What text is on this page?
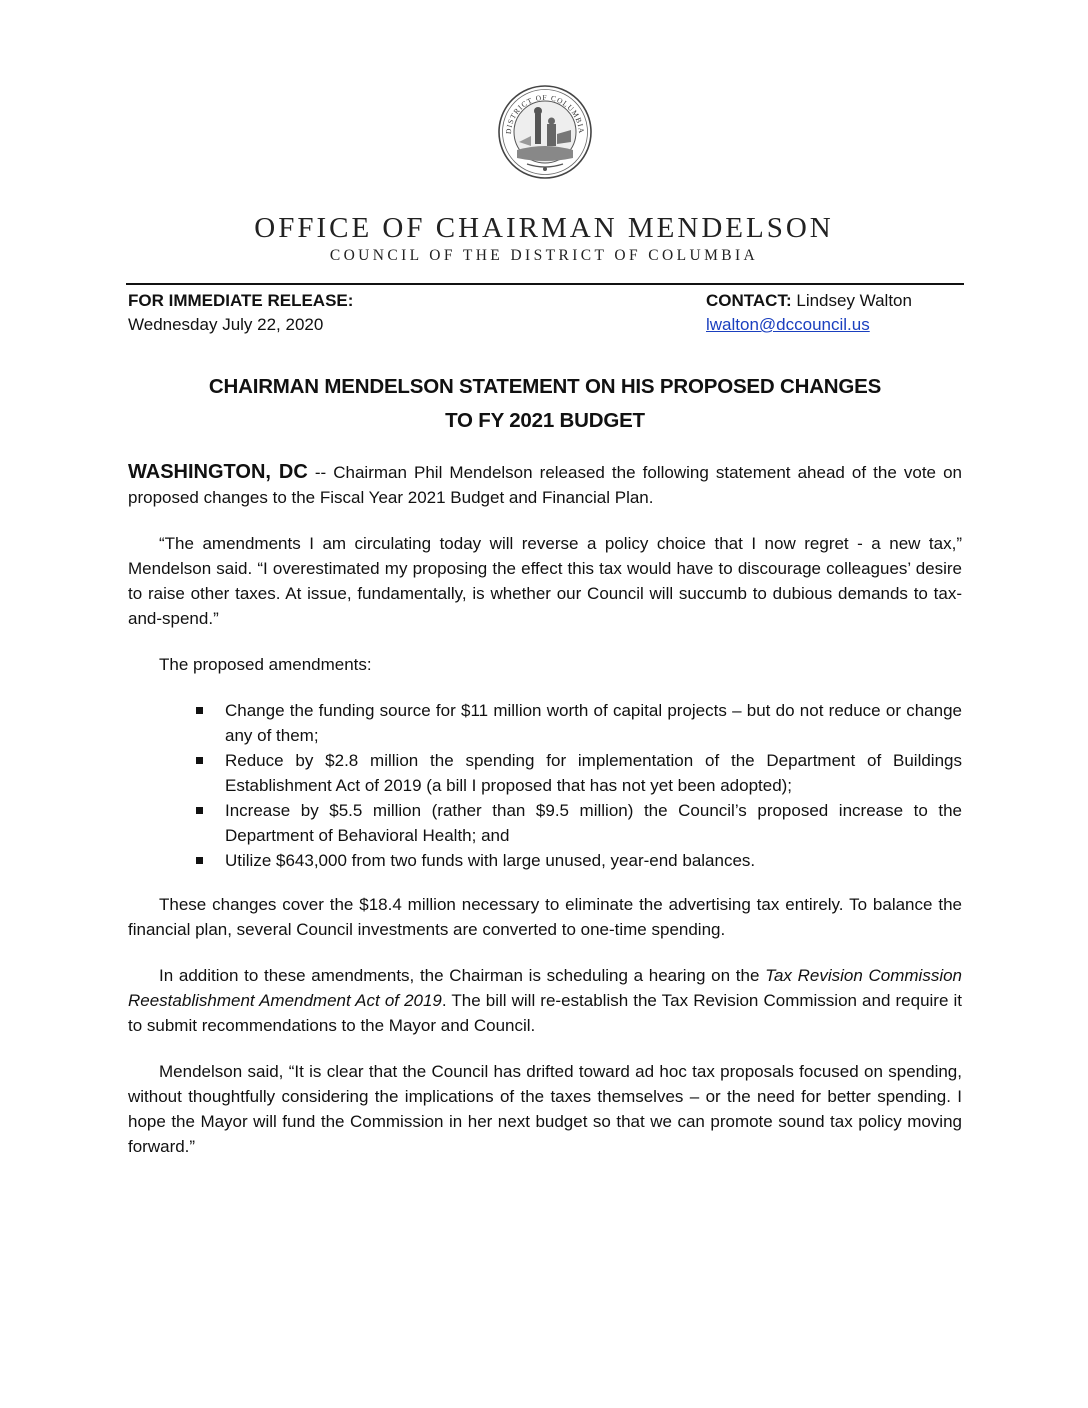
DISTRICT OF COLUMBIA
OFFICE OF CHAIRMAN MENDELSON
COUNCIL OF THE DISTRICT OF COLUMBIA
FOR IMMEDIATE RELEASE:
Wednesday July 22, 2020
CONTACT: Lindsey Walton
lwalton@dccouncil.us
CHAIRMAN MENDELSON STATEMENT ON HIS PROPOSED CHANGES
TO FY 2021 BUDGET

WASHINGTON, DC -- Chairman Phil Mendelson released the following statement ahead of the vote on proposed changes to the Fiscal Year 2021 Budget and Financial Plan.

“The amendments I am circulating today will reverse a policy choice that I now regret - a new tax,” Mendelson said. “I overestimated my proposing the effect this tax would have to discourage colleagues’ desire to raise other taxes. At issue, fundamentally, is whether our Council will succumb to dubious demands to tax-and-spend.”

The proposed amendments:

Change the funding source for $11 million worth of capital projects – but do not reduce or change any of them;
Reduce by $2.8 million the spending for implementation of the Department of Buildings Establishment Act of 2019 (a bill I proposed that has not yet been adopted);
Increase by $5.5 million (rather than $9.5 million) the Council’s proposed increase to the Department of Behavioral Health; and
Utilize $643,000 from two funds with large unused, year-end balances.

These changes cover the $18.4 million necessary to eliminate the advertising tax entirely. To balance the financial plan, several Council investments are converted to one-time spending.

In addition to these amendments, the Chairman is scheduling a hearing on the Tax Revision Commission Reestablishment Amendment Act of 2019. The bill will re-establish the Tax Revision Commission and require it to submit recommendations to the Mayor and Council.

Mendelson said, “It is clear that the Council has drifted toward ad hoc tax proposals focused on spending, without thoughtfully considering the implications of the taxes themselves – or the need for better spending. I hope the Mayor will fund the Commission in her next budget so that we can promote sound tax policy moving forward.”
